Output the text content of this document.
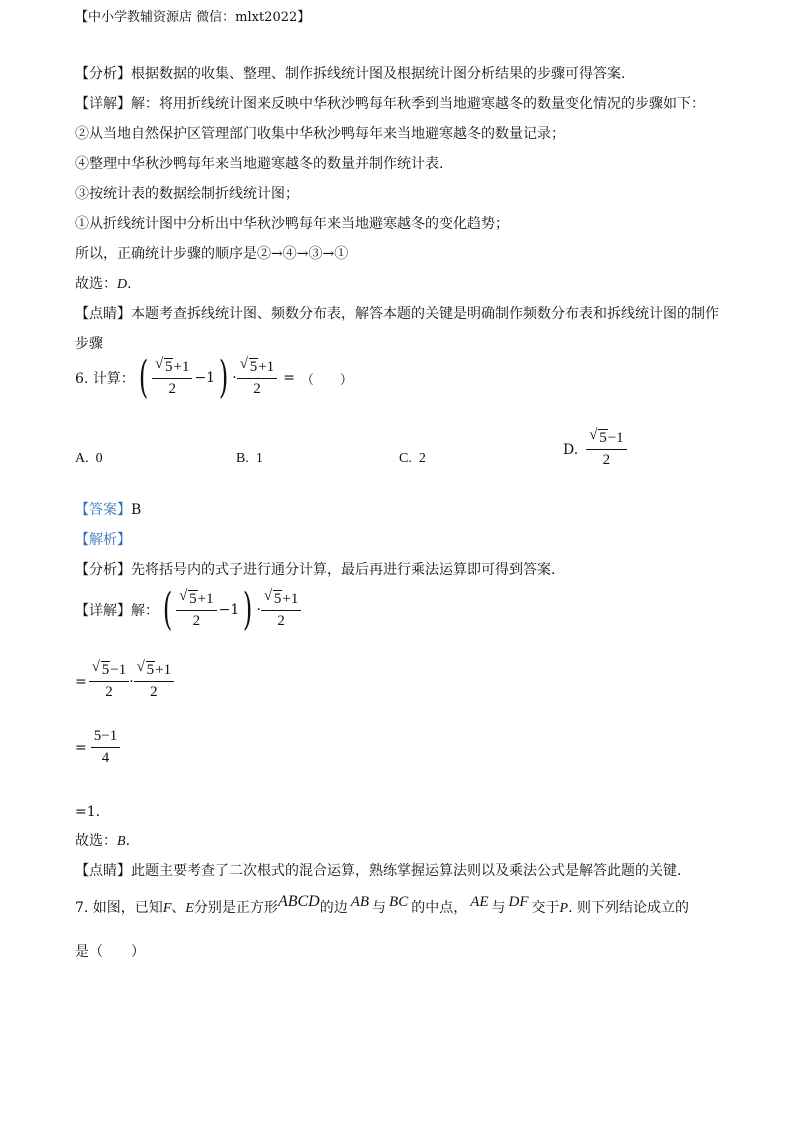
【中小学教辅资源店 微信：mlxt2022】
【分析】根据数据的收集、整理、制作拆线统计图及根据统计图分析结果的步骤可得答案.
【详解】解：将用折线统计图来反映中华秋沙鸭每年秋季到当地避寒越冬的数量变化情况的步骤如下：
②从当地自然保护区管理部门收集中华秋沙鸭每年来当地避寒越冬的数量记录；
④整理中华秋沙鸭每年来当地避寒越冬的数量并制作统计表.
③按统计表的数据绘制折线统计图；
①从折线统计图中分析出中华秋沙鸭每年来当地避寒越冬的变化趋势；
所以，正确统计步骤的顺序是②→④→③→①
故选：D.
【点睛】本题考查拆线统计图、频数分布表，解答本题的关键是明确制作频数分布表和拆线统计图的制作
步骤
6. 计算： ( $\frac{√ 5+1}{2} -1$ ) · $\frac{√ 5+1}{2}$ = （　　）
A. 0	B. 1	C. 2
D. $\frac{√ 5-1}{2}$
【答案】B
【解析】
【分析】先将括号内的式子进行通分计算，最后再进行乘法运算即可得到答案.
【详解】解： ( $\frac{√ 5+1}{2} -1$ ) · $\frac{√ 5+1}{2}$
= $\frac{√ 5-1}{2} \cdot \frac{√ 5+1}{2}$
= $\frac{5-1}{4}$
=1.
故选：B.
【点睛】此题主要考查了二次根式的混合运算，熟练掌握运算法则以及乘法公式是解答此题的关键.
7. 如图，已知F、E分别是正方形ABCD的边 AB 与 BC 的中点， AE 与 DF 交于P. 则下列结论成立的
是（　　）
